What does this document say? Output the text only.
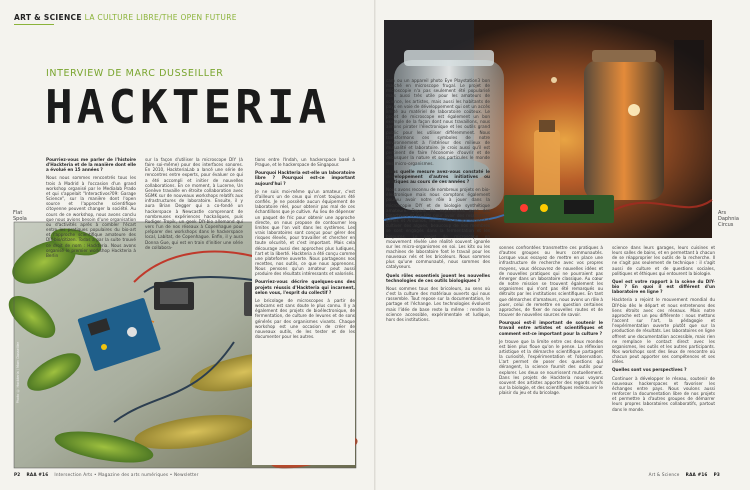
ART & SCIENCE LA CULTURE LIBRE/THE OPEN FUTURE
INTERVIEW DE MARC DUSSEILLER
HACKTERIA
Photo © Hackteria / Marc Dusseiller
Flat
Spola

Pourriez-vous me parler de l'histoire d'Hackteria et de la manière dont elle a évolué en 15 années ?

Nous nous sommes rencontrés tous les trois à Madrid à l'occasion d'un grand workshop organisé par le Medialab Prado et qui s'appelait "Interactivos?09: Garage Science", sur la manière dont l'open source et l'approche scientifique citoyenne peuvent changer la société. Au cours de ce workshop, nous avons conclu que nous avions besoin d'une organisation ou d'activités après à combler l'écart entre les pratiques populaires du bio-art et l'approche scientifique amateure des DIY-bio/citizen. Todas a par la suite trouvé ce droit de nom : Hackteria. Nous avons organisé le premier workshop Hackteria à Berlin

sur la façon d'utiliser la microscope DIY (à faire soi-même) pour des interfaces sonores. En 2010, HackteriaLab a lancé une série de rencontres entre experts, pour évaluer ce qui a été accompli et initier de nouvelles collaborations. En ce moment, à Lucerne, Un Genève travaille en étroite collaboration avec SGMK sur de nouveaux workshops relatifs aux infrastructures de laboratoire. Ensuite, il y aura Brian Degger qui a co-fondé un hackerspace à Newcastle comprenant de nombreuses expériences hackaliques, puis Rudiger Tropik, un geek DIY-bio allemand qui vers l'un de nos réseaux à Copenhague pour préparer des workshops dans le hackerspace local, Labitat, de Copenhague. Enfin, il y aura Donna Gue, qui est en train d'initier une série de collabora-

tions entre l'Indah, un hackerspace basé à Prague, et le hackerspace de Singapour.

Pourquoi Hackteria est-elle un laboratoire libre ? Pourquoi est-ce important aujourd'hui ?

Je ne suis moi-même qu'un amateur, c'est d'ailleurs un de ceux qui m'ont toujours été confiés. Je ne possède aucun équipement de laboratoire réel, pour obtenir pas mal de ces échantillons que je cultive. Au lieu de dépenser un paquet de fric pour obtenir une approche directe, on nous propose de contourner les limites que l'on voit dans les systèmes. Les vrais laboratoires sont conçus pour gérer des risques élevés, pour travailler et chercher en toute sécurité, et c'est important. Mais cela décourage aussi des approches plus ludiques, l'art et la liberté. Hackteria a été conçu comme une plateforme ouverte. Nous partageons nos recettes, nos outils, ce que nous apprenons. Nous pensons qu'un amateur peut aussi produire des résultats intéressants et valorisés.

Pourriez-vous décrire quelques-uns des projets réussis d'Hackteria qui incarnent, selon vous, l'esprit du collectif ?

Le bricolage de microscopes à partir de webcams est sans doute le plus connu. Il y a également des projets de bioélectronique, de fermentation, de culture de levures et de sons générés par des organismes vivants. Chaque workshop est une occasion de créer de nouveaux outils, de les tester et de les documenter pour les autres.

P2 RAA #16 Intersection Arts • Magazine des arts numériques • Newsletter
Ars
Daphnia
Circus

cam ou un appareil photo Eye Playstation3 bon marché en microscope frugal. Le projet de microscopie n'a pas seulement été popularisé mais aussi très utile pour les amateurs de science, les artistes, mais aussi les habitants de pays en voie de développement qui ont un accès limité au matériel de laboratoire coûteux. Le projet de microscope est également un bon exemple de la façon dont nous travaillons, nous aimons pirater l'électronique et les outils grand public pour les utiliser différemment. Nous transformons ces symboles de notre environnement à l'intérieur des milieux de mutualité et laboratoire. Je crois aussi qu'il est pertinent de faire l'économie d'ouvrir et de débusquer la nature et ses particules le monde des micro-organismes.

Dans quelle mesure avez-vous constaté le développement d'autres initiatives ou pratiques au cours de ces années ?

Nous avons reconnu de nombreux projets en bio-électronique mais nous comptons également pourvu avoir notre rôle à jouer dans la microscopie DIY et de biologie synthétique amateure. Depuis les expériences avec des bioacteurs et les kits pour avoir des ressources, gênes et Arduinos, les interfaces qui servent à cultiver des algues, beaucoup de nos membres se sont engagés dans la fermentation et les biopuces. Le projet de microscope en mouvement révèle une réalité souvent ignorée sur les micro-organismes en soi. Les kits ou les machines de laboratoire font le travail pour les nouveaux nés et les bricoleurs. Nous sommes plus qu'une communauté, nous sommes des catalyseurs.

Quels rôles essentiels jouent les nouvelles technologies de ces outils biologiques ?

Nous sommes tous des bricoleurs, au sens où c'est la culture des matériaux ouverts qui nous rassemble. Tout repose sur la documentation, le partage et l'échange. Les technologies évoluent mais l'idée de base reste la même : rendre la science accessible, expérimentale et ludique, hors des institutions.

sonnes confrontées transmettre ces pratiques à d'autres groupes ou leurs communautés. Lorsque vous essayez de mettre en place une infrastructure de recherche avec vos propres moyens, vous découvrez de nouvelles idées et de nouvelles pratiques qui ne pourraient pas émerger dans un laboratoire classique. Au cœur de notre mission se trouvent également les organismes qui n'ont pas été remarqués ou détruits par les institutions scientifiques. En tant que démarches d'amateurs, nous avons un rôle à jouer, celui de remettre en question certaines approches, de fixer de nouvelles routes et de trouver de nouvelles sources de savoir.

Pourquoi est-il important de soutenir le travail entre artistes et scientifiques et comment est-ce important pour la culture ?

Je trouve que la limite entre ces deux mondes est bien plus floue qu'on le pense. La réflexion artistique et la démarche scientifique partagent la curiosité, l'expérimentation et l'observation. L'art permet de poser des questions qui dérangent, la science fournit des outils pour explorer. Les deux se nourrissent mutuellement. Dans les projets de Hackteria nous voyons souvent des artistes apporter des regards neufs sur la biologie, et des scientifiques redécouvrir le plaisir du jeu et du bricolage.

science dans leurs garages, leurs cuisines et leurs salles de bains, et en permettant à chacun de se réapproprier les outils de la recherche. Il ne s'agit pas seulement de technique : il s'agit aussi de culture et de questions sociales, politiques et éthiques qui entourent la biologie.

Quel est votre rapport à la scène du DIY-bio ? En quoi il est différent d'un laboratoire en ligne ?

Hackteria a rejoint le mouvement mondial du DIY-bio dès le départ et nous entretenons des liens étroits avec ces réseaux. Mais notre approche est un peu différente : nous mettons l'accent sur l'art, la pédagogie et l'expérimentation ouverte plutôt que sur la production de résultats. Les laboratoires en ligne offrent une documentation accessible, mais rien ne remplace le contact direct avec les organismes, les outils et les autres participants. Nos workshops sont des lieux de rencontre où chacun peut apporter ses compétences et ses idées.

Quelles sont vos perspectives ?

Continuer à développer le réseau, soutenir de nouveaux hackerspaces et favoriser les échanges entre pays. Nous voulons aussi renforcer la documentation libre de nos projets et permettre à d'autres groupes de démarrer leurs propres laboratoires collaboratifs, partout dans le monde.

Art & Science RAA #16 P3
